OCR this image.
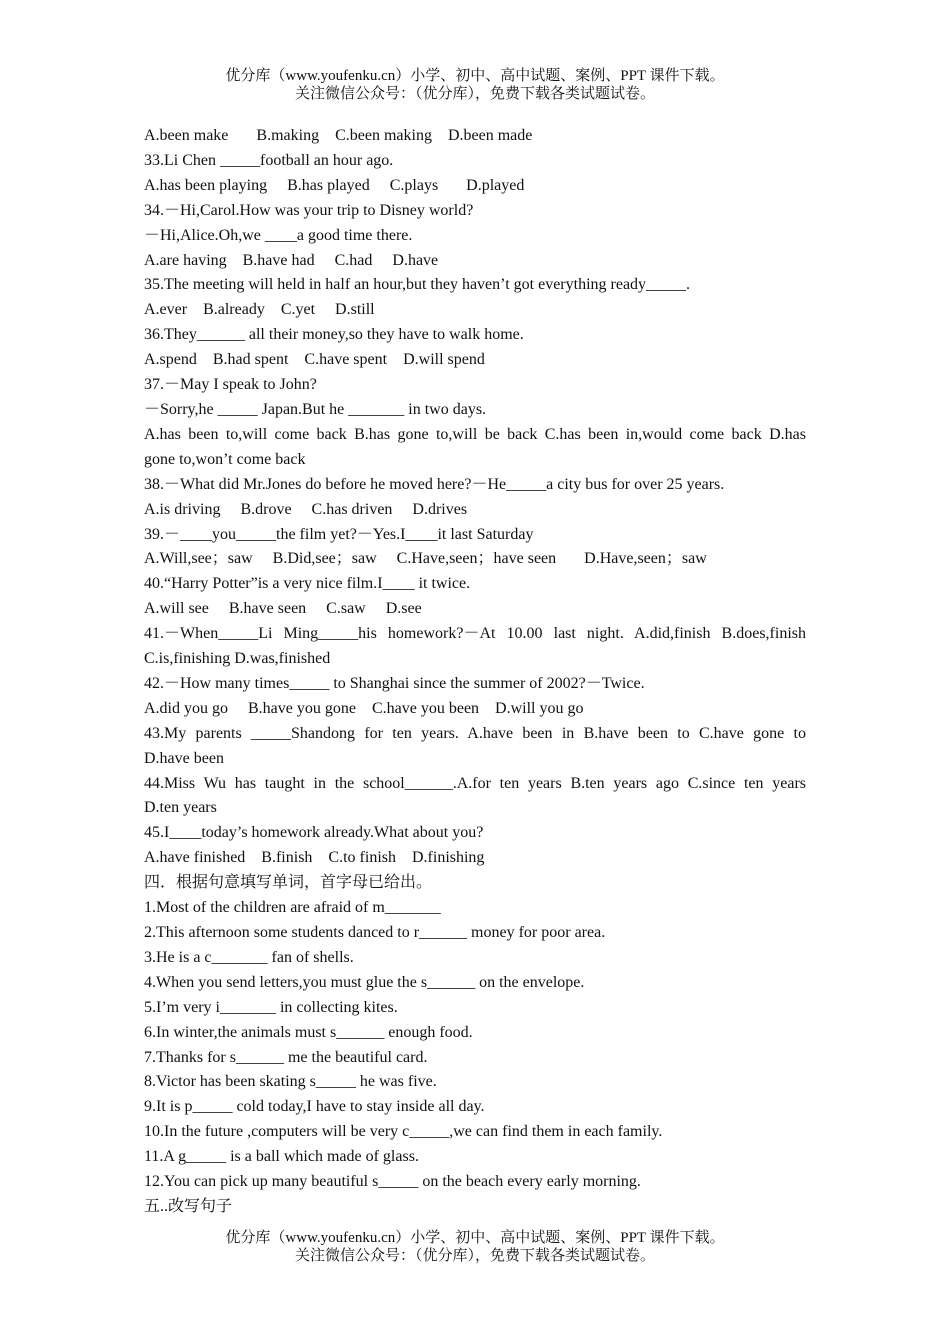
优分库（www.youfenku.cn）小学、初中、高中试题、案例、PPT 课件下载。
关注微信公众号：（优分库），免费下载各类试题试卷。
A.been make       B.making    C.been making    D.been made
33.Li Chen _____football an hour ago.
A.has been playing     B.has played     C.plays       D.played
34.－Hi,Carol.How was your trip to Disney world?
－Hi,Alice.Oh,we ____a good time there.
A.are having    B.have had     C.had     D.have
35.The meeting will held in half an hour,but they haven’t got everything ready_____.
A.ever    B.already    C.yet     D.still
36.They______ all their money,so they have to walk home.
A.spend    B.had spent    C.have spent    D.will spend
37.－May I speak to John?
－Sorry,he _____ Japan.But he _______ in two days.
A.has been to,will come back B.has gone to,will be back C.has been in,would come back D.has
gone to,won’t come back
38.－What did Mr.Jones do before he moved here?－He_____a city bus for over 25 years.
A.is driving     B.drove     C.has driven     D.drives
39.－____you_____the film yet?－Yes.I____it last Saturday
A.Will,see；saw     B.Did,see；saw     C.Have,seen；have seen       D.Have,seen；saw
40.“Harry Potter”is a very nice film.I____ it twice.
A.will see     B.have seen     C.saw     D.see
41.－When_____Li Ming_____his homework?－At 10.00 last night. A.did,finish B.does,finish
C.is,finishing D.was,finished
42.－How many times_____ to Shanghai since the summer of 2002?－Twice.
A.did you go     B.have you gone    C.have you been    D.will you go
43.My parents _____Shandong for ten years. A.have been in B.have been to C.have gone to
D.have been
44.Miss Wu has taught in the school______.A.for ten years B.ten years ago C.since ten years
D.ten years
45.I____today’s homework already.What about you?
A.have finished    B.finish    C.to finish    D.finishing
四．根据句意填写单词，首字母已给出。
1.Most of the children are afraid of m_______
2.This afternoon some students danced to r______ money for poor area.
3.He is a c_______ fan of shells.
4.When you send letters,you must glue the s______ on the envelope.
5.I’m very i_______ in collecting kites.
6.In winter,the animals must s______ enough food.
7.Thanks for s______ me the beautiful card.
8.Victor has been skating s_____ he was five.
9.It is p_____ cold today,I have to stay inside all day.
10.In the future ,computers will be very c_____,we can find them in each family.
11.A g_____ is a ball which made of glass.
12.You can pick up many beautiful s_____ on the beach every early morning.
五..改写句子
优分库（www.youfenku.cn）小学、初中、高中试题、案例、PPT 课件下载。
关注微信公众号：（优分库），免费下载各类试题试卷。
